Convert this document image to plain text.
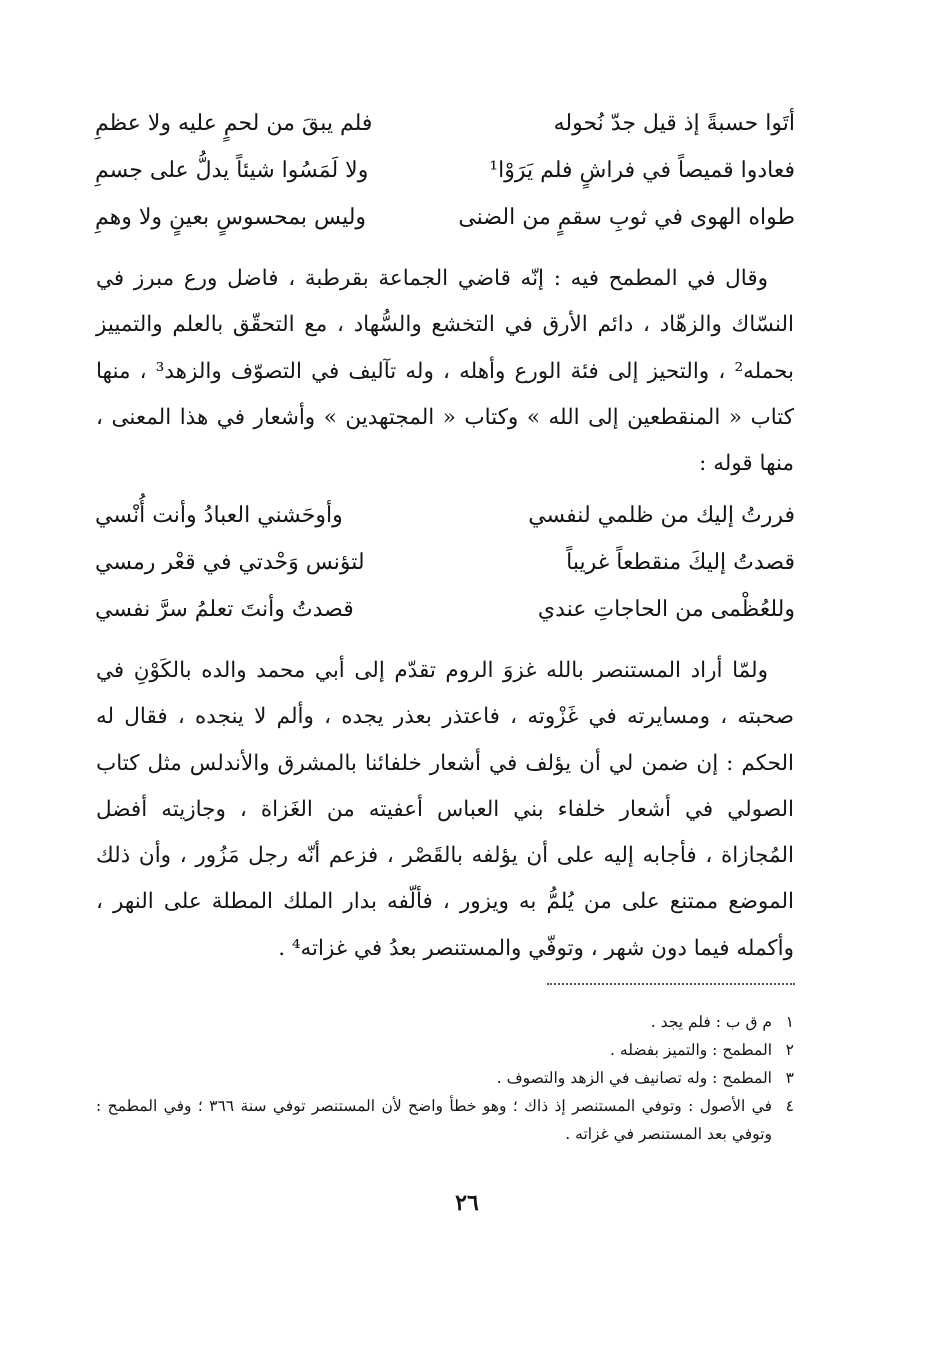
أتَوا حسبةً إذ قيل جدّ نُحوله
فلم يبقَ من لحمٍ عليه ولا عظمِ
فعادوا قميصاً في فراشٍ فلم يَرَوْا¹
ولا لَمَسُوا شيئاً يدلُّ على جسمِ
طواه الهوى في ثوبِ سقمٍ من الضنى
وليس بمحسوسٍ بعينٍ ولا وهمِ

وقال في المطمح فيه : إنّه قاضي الجماعة بقرطبة ، فاضل ورع مبرز في النسّاك والزهّاد ، دائم الأرق في التخشع والسُّهاد ، مع التحقّق بالعلم والتمييز بحمله² ، والتحيز إلى فئة الورع وأهله ، وله تآليف في التصوّف والزهد³ ، منها كتاب « المنقطعين إلى الله » وكتاب « المجتهدين » وأشعار في هذا المعنى ، منها قوله :

فررتُ إليك من ظلمي لنفسي
وأوحَشني العبادُ وأنت أُنْسي
قصدتُ إليكَ منقطعاً غريباً
لتؤنس وَحْدتي في قعْر رمسي
وللعُظْمى من الحاجاتِ عندي
قصدتُ وأنتَ تعلمُ سرَّ نفسي

ولمّا أراد المستنصر بالله غزوَ الروم تقدّم إلى أبي محمد والده بالكَوْنِ في صحبته ، ومسايرته في غَزْوته ، فاعتذر بعذر يجده ، وألم لا ينجده ، فقال له الحكم : إن ضمن لي أن يؤلف في أشعار خلفائنا بالمشرق والأندلس مثل كتاب الصولي في أشعار خلفاء بني العباس أعفيته من الغَزاة ، وجازيته أفضل المُجازاة ، فأجابه إليه على أن يؤلفه بالقَصْر ، فزعم أنّه رجل مَزُور ، وأن ذلك الموضع ممتنع على من يُلمُّ به ويزور ، فألّفه بدار الملك المطلة على النهر ، وأكمله فيما دون شهر ، وتوفّي والمستنصر بعدُ في غزاته⁴ .

١
م ق ب : فلم يجد .
٢
المطمح : والتميز بفضله .
٣
المطمح : وله تصانيف في الزهد والتصوف .
٤
في الأصول : وتوفي المستنصر إذ ذاك ؛ وهو خطأ واضح لأن المستنصر توفي سنة ٣٦٦ ؛ وفي المطمح : وتوفي بعد المستنصر في غزاته .
٢٦
